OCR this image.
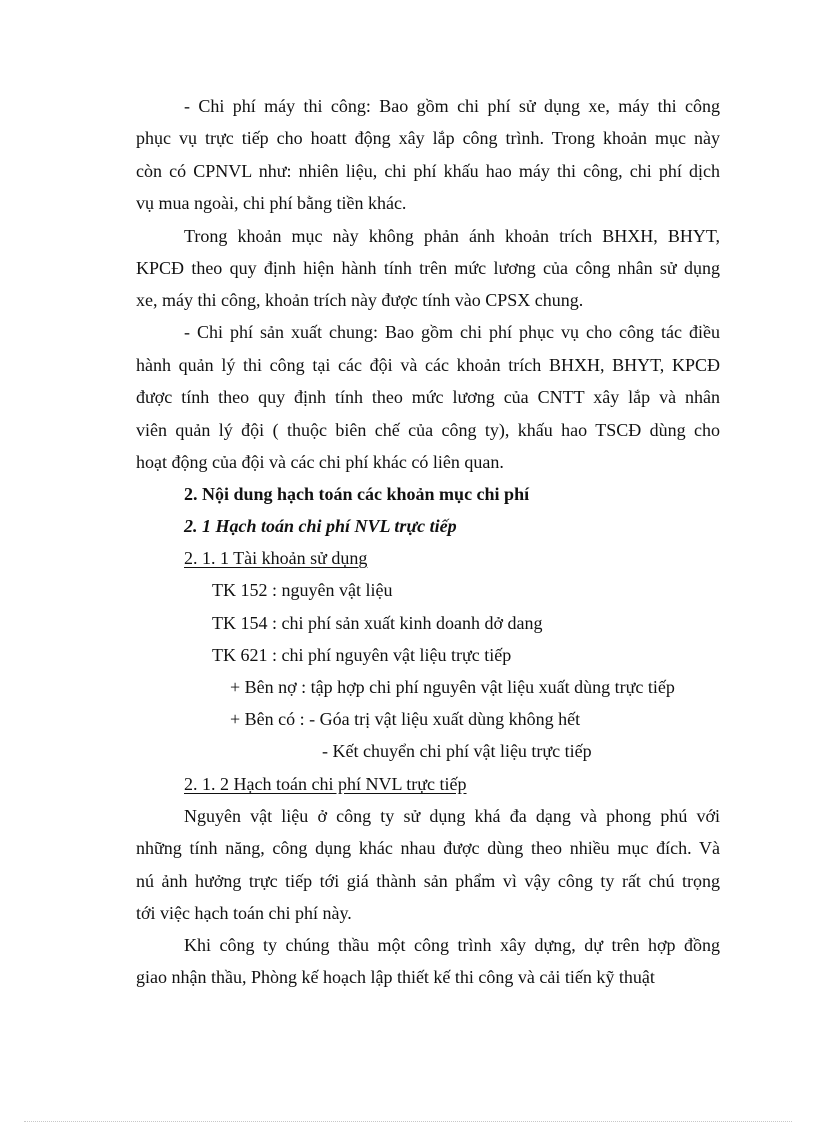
- Chi phí máy thi công: Bao gồm chi phí sử dụng xe, máy thi công

phục vụ trực tiếp cho hoatt động xây lắp công trình. Trong khoản mục này

còn có CPNVL như: nhiên liệu, chi phí khấu hao máy thi công, chi phí dịch

vụ mua ngoài, chi phí bằng tiền khác.

Trong khoản mục này không phản ánh khoản trích BHXH, BHYT,

KPCĐ theo quy định hiện hành tính trên mức lương của công nhân sử dụng

xe, máy thi công, khoản trích này được tính vào CPSX chung.

- Chi phí sản xuất chung: Bao gồm chi phí phục vụ cho công tác điều

hành quản lý thi công tại các đội và các khoản trích BHXH, BHYT, KPCĐ

được tính theo quy định tính theo mức lương của CNTT xây lắp và nhân

viên quản lý đội ( thuộc biên chế của công ty), khấu hao TSCĐ dùng cho

hoạt động của đội và các chi phí khác có liên quan.

2. Nội dung hạch toán các khoản mục chi phí

2. 1 Hạch toán chi phí NVL trực tiếp

2. 1. 1 Tài khoản sử dụng

TK 152 : nguyên vật liệu

TK 154 : chi phí sản xuất kinh doanh dở dang

TK 621 : chi phí nguyên vật liệu trực tiếp

+ Bên nợ : tập hợp chi phí nguyên vật liệu xuất dùng trực tiếp

+ Bên có : - Góa trị vật liệu xuất dùng không hết

- Kết chuyển chi phí vật liệu trực tiếp

2. 1. 2 Hạch toán chi phí NVL trực tiếp

Nguyên vật liệu ở công ty sử dụng khá đa dạng và phong phú với

những tính năng, công dụng khác nhau được dùng theo nhiều mục đích. Và

nú ảnh hưởng trực tiếp tới giá thành sản phẩm vì vậy công ty rất chú trọng

tới việc hạch toán chi phí này.

Khi công ty chúng thầu một công trình xây dựng, dự trên hợp đồng

giao nhận thầu, Phòng kế hoạch lập thiết kế thi công và cải tiến kỹ thuật
